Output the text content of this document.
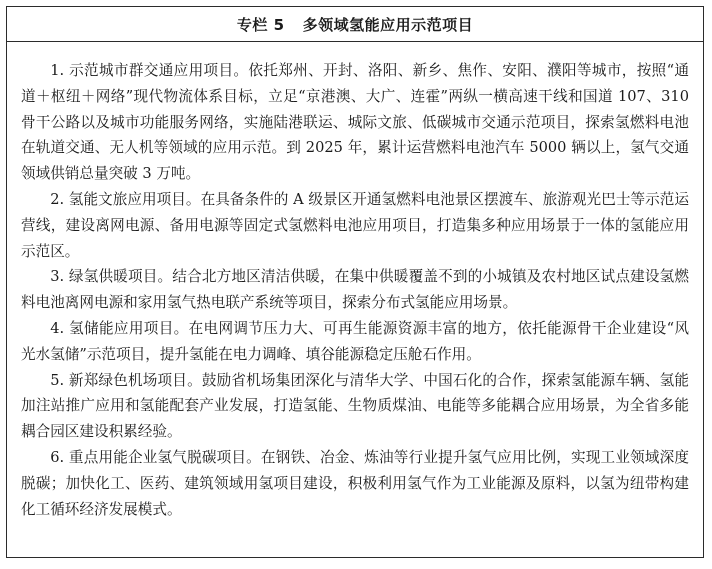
专栏 5 多领域氢能应用示范项目

1. 示范城市群交通应用项目。依托郑州、开封、洛阳、新乡、焦作、安阳、濮阳等城市，按照“通道＋枢纽＋网络”现代物流体系目标，立足“京港澳、大广、连霍”两纵一横高速干线和国道 107、310 骨干公路以及城市功能服务网络，实施陆港联运、城际文旅、低碳城市交通示范项目，探索氢燃料电池在轨道交通、无人机等领域的应用示范。到 2025 年，累计运营燃料电池汽车 5000 辆以上，氢气交通领域供销总量突破 3 万吨。

2. 氢能文旅应用项目。在具备条件的 A 级景区开通氢燃料电池景区摆渡车、旅游观光巴士等示范运营线，建设离网电源、备用电源等固定式氢燃料电池应用项目，打造集多种应用场景于一体的氢能应用示范区。

3. 绿氢供暖项目。结合北方地区清洁供暖，在集中供暖覆盖不到的小城镇及农村地区试点建设氢燃料电池离网电源和家用氢气热电联产系统等项目，探索分布式氢能应用场景。

4. 氢储能应用项目。在电网调节压力大、可再生能源资源丰富的地方，依托能源骨干企业建设“风光水氢储”示范项目，提升氢能在电力调峰、填谷能源稳定压舱石作用。

5. 新郑绿色机场项目。鼓励省机场集团深化与清华大学、中国石化的合作，探索氢能源车辆、氢能加注站推广应用和氢能配套产业发展，打造氢能、生物质煤油、电能等多能耦合应用场景，为全省多能耦合园区建设积累经验。

6. 重点用能企业氢气脱碳项目。在钢铁、冶金、炼油等行业提升氢气应用比例，实现工业领域深度脱碳；加快化工、医药、建筑领域用氢项目建设，积极利用氢气作为工业能源及原料，以氢为纽带构建化工循环经济发展模式。
